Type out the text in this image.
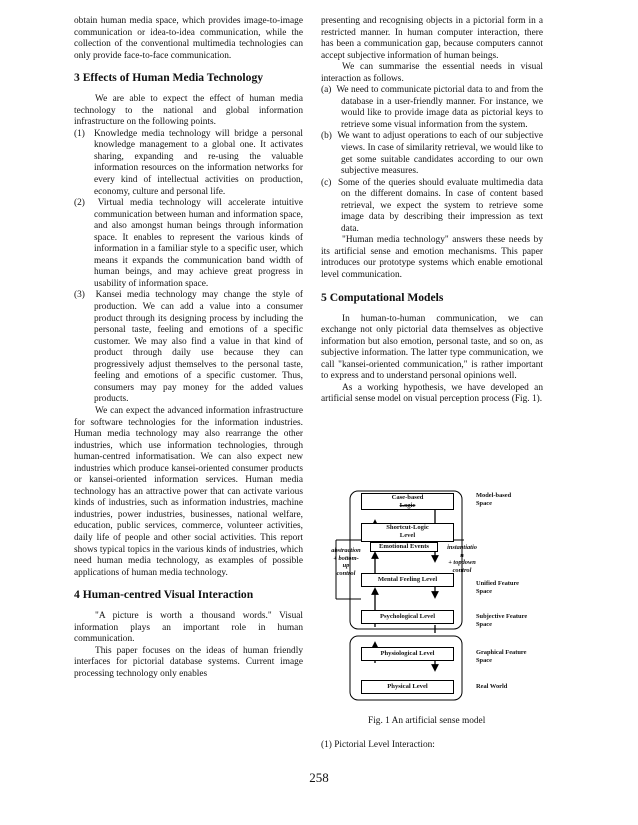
obtain human media space, which provides image-to-image communication or idea-to-idea communication, while the collection of the conventional multimedia technologies can only provide face-to-face communication.

3 Effects of Human Media Technology

We are able to expect the effect of human media technology to the national and global information infrastructure on the following points.

(1) Knowledge media technology will bridge a personal knowledge management to a global one. It activates sharing, expanding and re-using the valuable information resources on the information networks for every kind of intellectual activities on production, economy, culture and personal life.
(2) Virtual media technology will accelerate intuitive communication between human and information space, and also amongst human beings through information space. It enables to represent the various kinds of information in a familiar style to a specific user, which means it expands the communication band width of human beings, and may achieve great progress in usability of information space.
(3) Kansei media technology may change the style of production. We can add a value into a consumer product through its designing process by including the personal taste, feeling and emotions of a specific customer. We may also find a value in that kind of product through daily use because they can progressively adjust themselves to the personal taste, feeling and emotions of a specific customer. Thus, consumers may pay money for the added values products.

We can expect the advanced information infrastructure for software technologies for the information industries. Human media technology may also rearrange the other industries, which use information technologies, through human-centred informatisation. We can also expect new industries which produce kansei-oriented consumer products or kansei-oriented information services. Human media technology has an attractive power that can activate various kinds of industries, such as information industries, machine industries, power industries, businesses, national welfare, education, public services, commerce, volunteer activities, daily life of people and other social activities. This report shows typical topics in the various kinds of industries, which need human media technology, as examples of possible applications of human media technology.

4 Human-centred Visual Interaction

"A picture is worth a thousand words." Visual information plays an important role in human communication.

This paper focuses on the ideas of human friendly interfaces for pictorial database systems. Current image processing technology only enables

presenting and recognising objects in a pictorial form in a restricted manner. In human computer interaction, there has been a communication gap, because computers cannot accept subjective information of human beings.

We can summarise the essential needs in visual interaction as follows.

(a) We need to communicate pictorial data to and from the database in a user-friendly manner. For instance, we would like to provide image data as pictorial keys to retrieve some visual information from the system.
(b) We want to adjust operations to each of our subjective views. In case of similarity retrieval, we would like to get some suitable candidates according to our own subjective measures.
(c) Some of the queries should evaluate multimedia data on the different domains. In case of content based retrieval, we expect the system to retrieve some image data by describing their impression as text data.

"Human media technology" answers these needs by its artificial sense and emotion mechanisms. This paper introduces our prototype systems which enable emotional level communication.

5 Computational Models

In human-to-human communication, we can exchange not only pictorial data themselves as objective information but also emotion, personal taste, and so on, as subjective information. The latter type communication, we call "kansei-oriented communication," is rather important to express and to understand personal opinions well.

As a working hypothesis, we have developed an artificial sense model on visual perception process (Fig. 1).

Case-based
Logic
Shortcut-Logic
Level
Emotional Events
Mental Feeling Level
Psychological Level
Physiological Level
Physical Level
abstraction
+ bottom-
up
control
instantiatio
n
+ topdown
control
Model-based
Space
Unified Feature
Space
Subjective Feature
Space
Graphical Feature
Space
Real World
Fig. 1 An artificial sense model
(1) Pictorial Level Interaction:
258
